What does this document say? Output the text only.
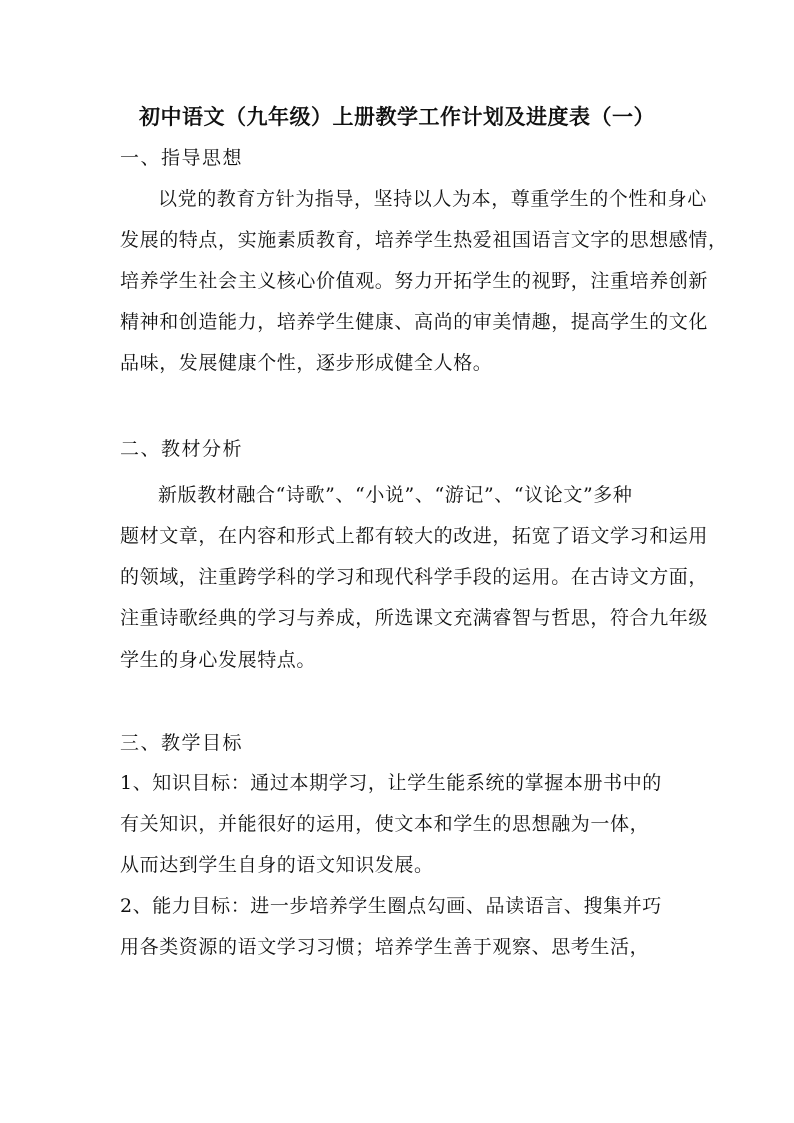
初中语文（九年级）上册教学工作计划及进度表（一）
一、指导思想
以党的教育方针为指导，坚持以人为本，尊重学生的个性和身心
发展的特点，实施素质教育，培养学生热爱祖国语言文字的思想感情，
培养学生社会主义核心价值观。努力开拓学生的视野，注重培养创新
精神和创造能力，培养学生健康、高尚的审美情趣，提高学生的文化
品味，发展健康个性，逐步形成健全人格。
二、教材分析
新版教材融合“诗歌”、“小说”、“游记”、“议论文”多种
题材文章，在内容和形式上都有较大的改进，拓宽了语文学习和运用
的领域，注重跨学科的学习和现代科学手段的运用。在古诗文方面，
注重诗歌经典的学习与养成，所选课文充满睿智与哲思，符合九年级
学生的身心发展特点。
三、教学目标
1、知识目标：通过本期学习，让学生能系统的掌握本册书中的
有关知识，并能很好的运用，使文本和学生的思想融为一体，
从而达到学生自身的语文知识发展。
2、能力目标：进一步培养学生圈点勾画、品读语言、搜集并巧
用各类资源的语文学习习惯；培养学生善于观察、思考生活，
